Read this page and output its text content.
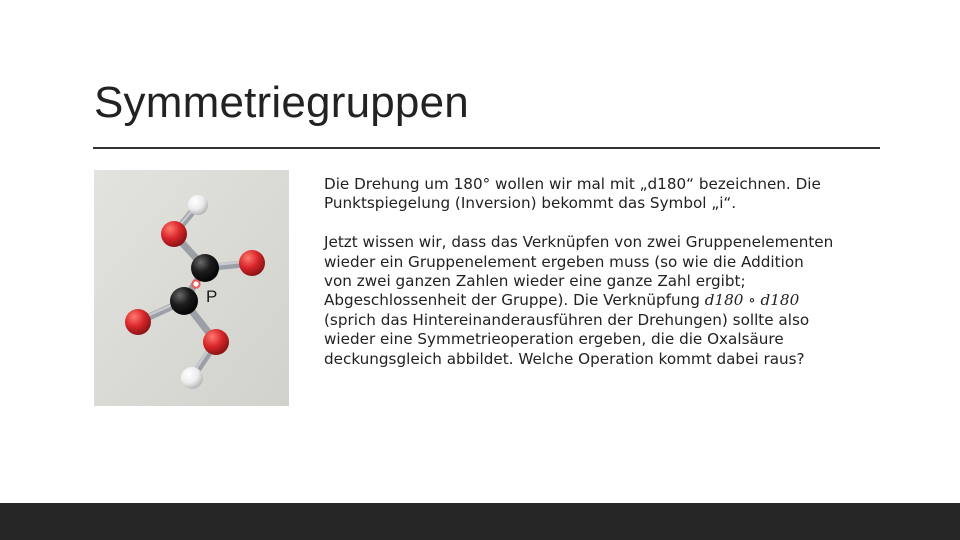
Symmetriegruppen
P

Die Drehung um 180° wollen wir mal mit „d180“ bezeichnen. Die
Punktspiegelung (Inversion) bekommt das Symbol „i“.

Jetzt wissen wir, dass das Verknüpfen von zwei Gruppenelementen
wieder ein Gruppenelement ergeben muss (so wie die Addition
von zwei ganzen Zahlen wieder eine ganze Zahl ergibt;
Abgeschlossenheit der Gruppe). Die Verknüpfung d180 ∘ d180
(sprich das Hintereinanderausführen der Drehungen) sollte also
wieder eine Symmetrieoperation ergeben, die die Oxalsäure
deckungsgleich abbildet. Welche Operation kommt dabei raus?
